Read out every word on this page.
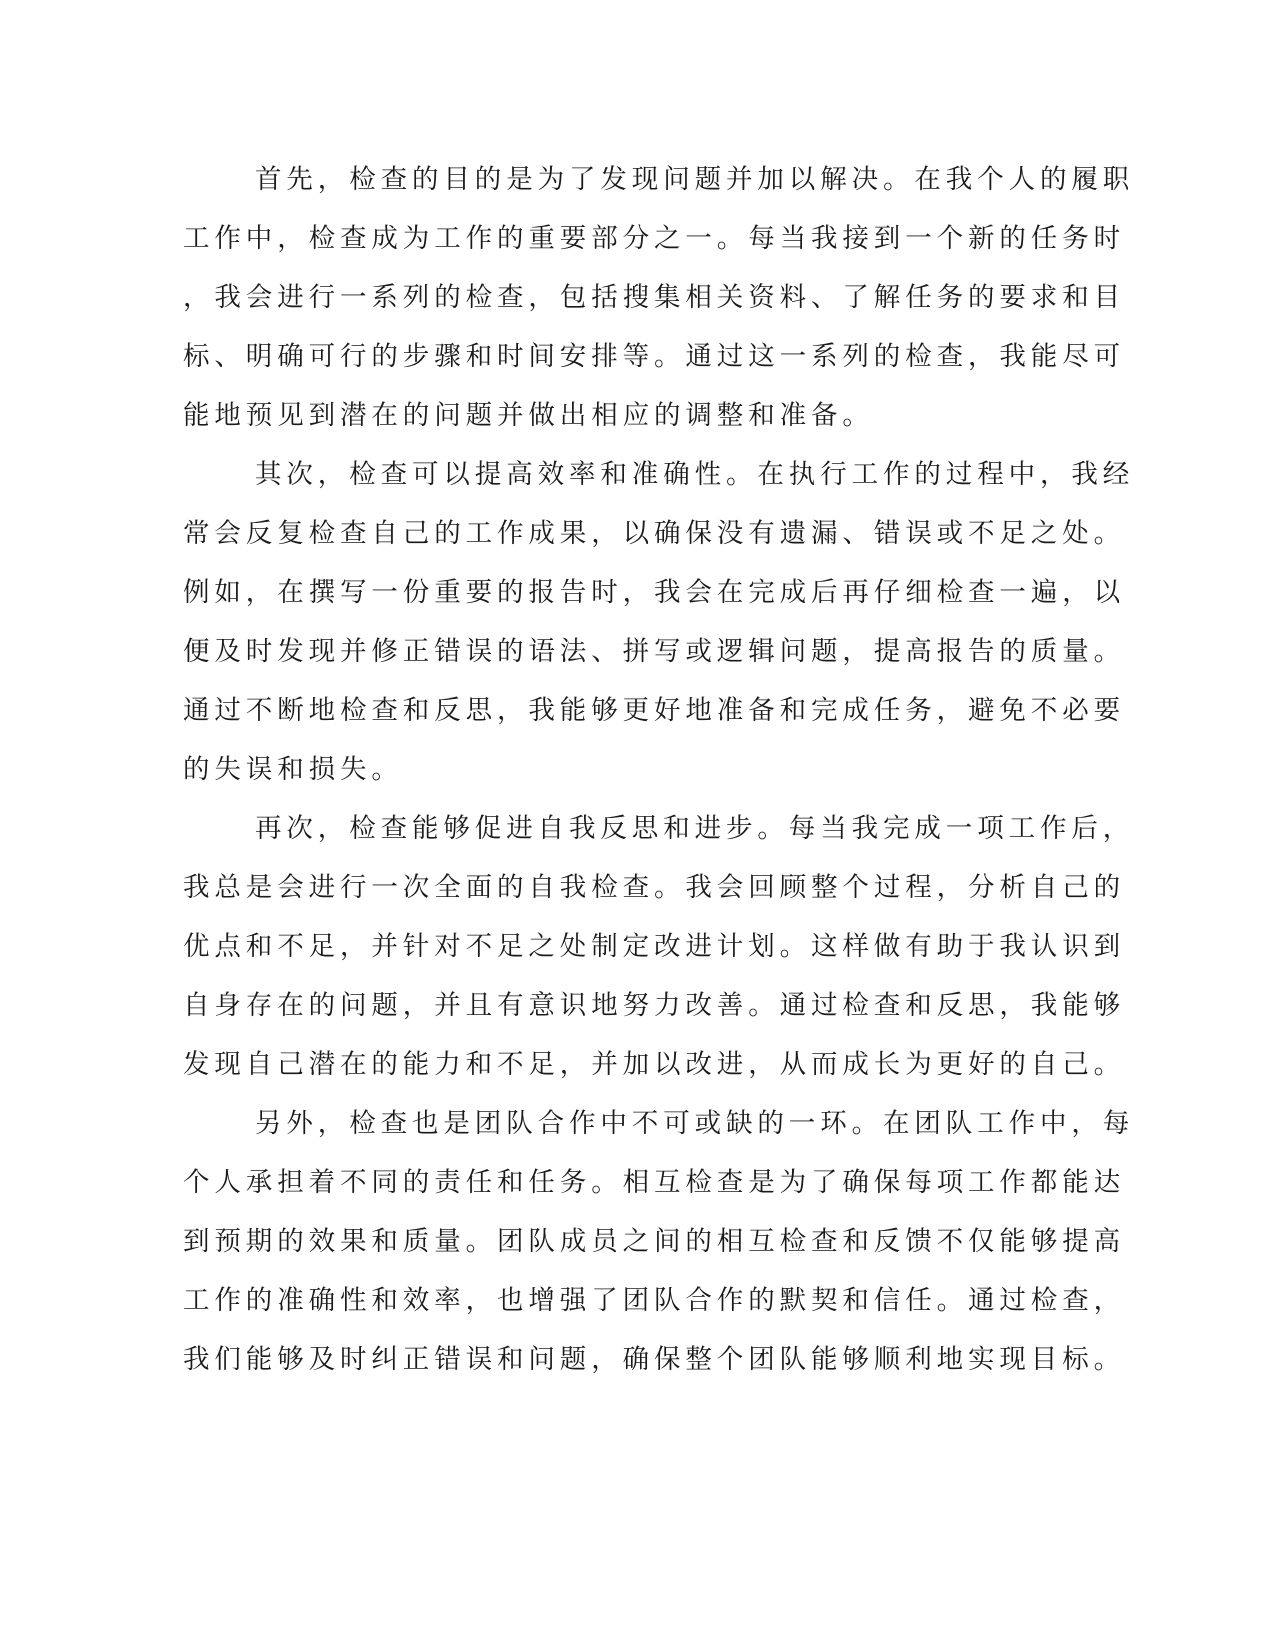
首先，检查的目的是为了发现问题并加以解决。在我个人的履职
工作中，检查成为工作的重要部分之一。每当我接到一个新的任务时
，我会进行一系列的检查，包括搜集相关资料、了解任务的要求和目
标、明确可行的步骤和时间安排等。通过这一系列的检查，我能尽可
能地预见到潜在的问题并做出相应的调整和准备。
其次，检查可以提高效率和准确性。在执行工作的过程中，我经
常会反复检查自己的工作成果，以确保没有遗漏、错误或不足之处。
例如，在撰写一份重要的报告时，我会在完成后再仔细检查一遍，以
便及时发现并修正错误的语法、拼写或逻辑问题，提高报告的质量。
通过不断地检查和反思，我能够更好地准备和完成任务，避免不必要
的失误和损失。
再次，检查能够促进自我反思和进步。每当我完成一项工作后，
我总是会进行一次全面的自我检查。我会回顾整个过程，分析自己的
优点和不足，并针对不足之处制定改进计划。这样做有助于我认识到
自身存在的问题，并且有意识地努力改善。通过检查和反思，我能够
发现自己潜在的能力和不足，并加以改进，从而成长为更好的自己。
另外，检查也是团队合作中不可或缺的一环。在团队工作中，每
个人承担着不同的责任和任务。相互检查是为了确保每项工作都能达
到预期的效果和质量。团队成员之间的相互检查和反馈不仅能够提高
工作的准确性和效率，也增强了团队合作的默契和信任。通过检查，
我们能够及时纠正错误和问题，确保整个团队能够顺利地实现目标。
